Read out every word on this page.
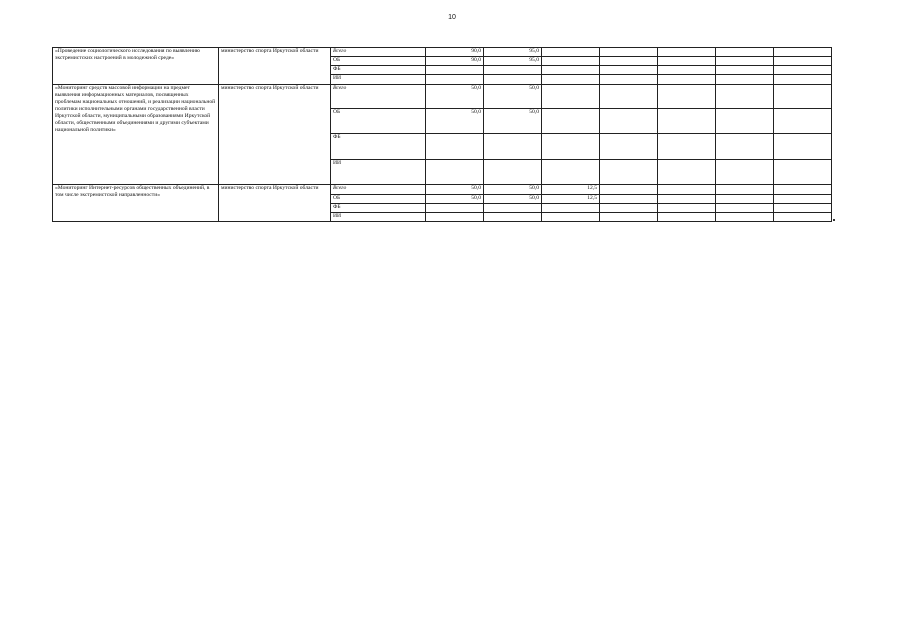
10
«Проведение социологического исследования по выявлению экстремистских настроений в молодежной среде»	министерство спорта Иркутской области	Всего	90,0	95,0					
		ОБ	90,0	95,0					
		ФБ							
		ИИ							
«Мониторинг средств массовой информации на предмет выявления информационных материалов, посвященных проблемам национальных отношений, и реализации национальной политики исполнительными органами государственной власти Иркутской области, муниципальными образованиями Иркутской области, общественными объединениями и другими субъектами национальной политики»	министерство спорта Иркутской области	Всего	50,0	50,0					
		ОБ	50,0	50,0					
		ФБ							
		ИИ							
«Мониторинг Интернет-ресурсов общественных объединений, в том числе экстремистской направленности»	министерство спорта Иркутской области	Всего	50,0	50,0	12,5				
		ОБ	50,0	50,0	12,5				
		ФБ							
		ИИ							
